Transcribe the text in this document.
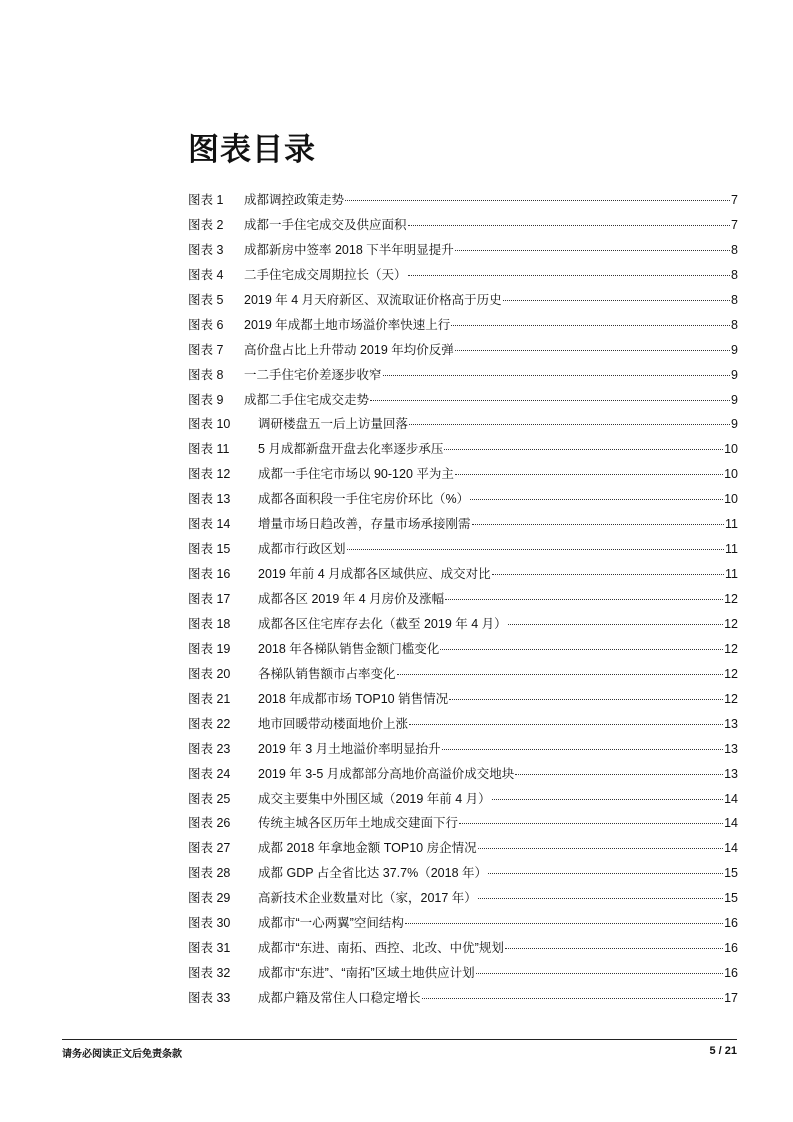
图表目录
图表 1	成都调控政策走势	7
图表 2	成都一手住宅成交及供应面积	7
图表 3	成都新房中签率 2018 下半年明显提升	8
图表 4	二手住宅成交周期拉长（天）	8
图表 5	2019 年 4 月天府新区、双流取证价格高于历史	8
图表 6	2019 年成都土地市场溢价率快速上行	8
图表 7	高价盘占比上升带动 2019 年均价反弹	9
图表 8	一二手住宅价差逐步收窄	9
图表 9	成都二手住宅成交走势	9
图表 10	调研楼盘五一后上访量回落	9
图表 11	5 月成都新盘开盘去化率逐步承压	10
图表 12	成都一手住宅市场以 90-120 平为主	10
图表 13	成都各面积段一手住宅房价环比（%）	10
图表 14	增量市场日趋改善，存量市场承接刚需	11
图表 15	成都市行政区划	11
图表 16	2019 年前 4 月成都各区域供应、成交对比	11
图表 17	成都各区 2019 年 4 月房价及涨幅	12
图表 18	成都各区住宅库存去化（截至 2019 年 4 月）	12
图表 19	2018 年各梯队销售金额门槛变化	12
图表 20	各梯队销售额市占率变化	12
图表 21	2018 年成都市场 TOP10 销售情况	12
图表 22	地市回暖带动楼面地价上涨	13
图表 23	2019 年 3 月土地溢价率明显抬升	13
图表 24	2019 年 3-5 月成都部分高地价高溢价成交地块	13
图表 25	成交主要集中外围区域（2019 年前 4 月）	14
图表 26	传统主城各区历年土地成交建面下行	14
图表 27	成都 2018 年拿地金额 TOP10 房企情况	14
图表 28	成都 GDP 占全省比达 37.7%（2018 年）	15
图表 29	高新技术企业数量对比（家，2017 年）	15
图表 30	成都市“一心两翼”空间结构	16
图表 31	成都市“东进、南拓、西控、北改、中优”规划	16
图表 32	成都市“东进”、“南拓”区域土地供应计划	16
图表 33	成都户籍及常住人口稳定增长	17
请务必阅读正文后免责条款	5 / 21
